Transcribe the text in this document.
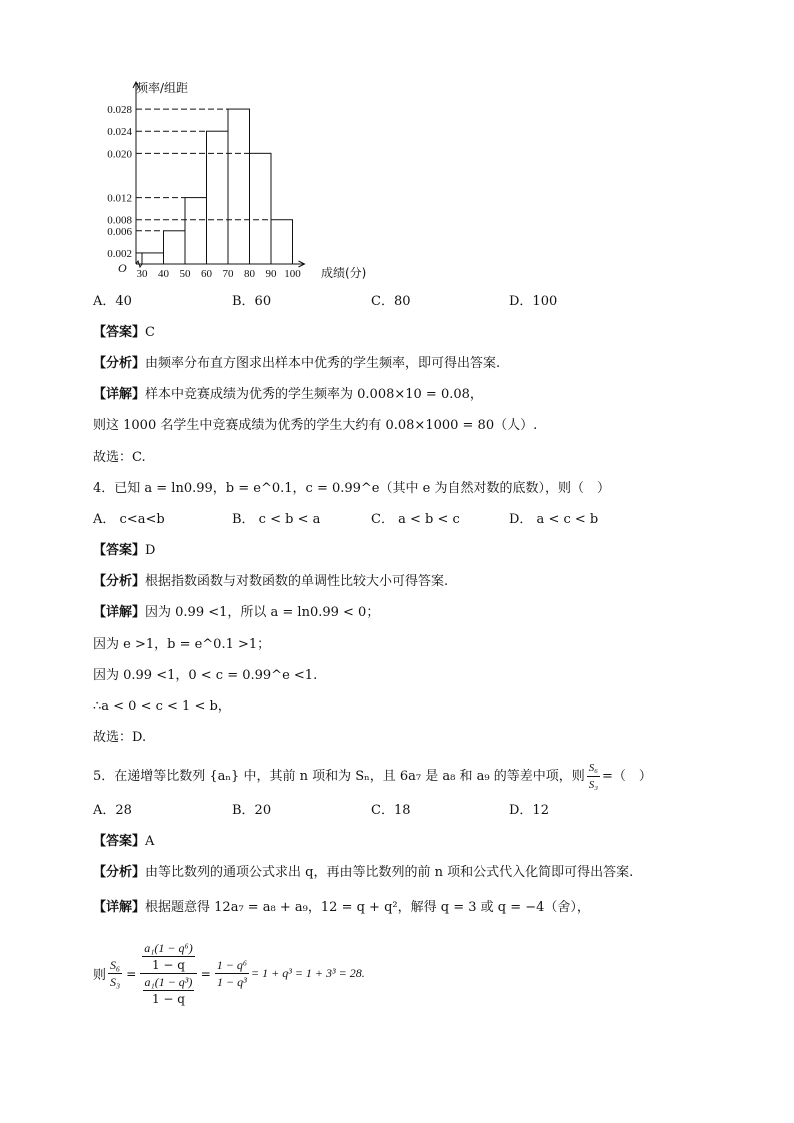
频率/组距
O	成绩(分)
0.002
0.006
0.008
0.012
0.020
0.024
0.028
30 40 50 60 70 80 90 100
A．40	B．60	C．80	D．100
【答案】C
【分析】由频率分布直方图求出样本中优秀的学生频率，即可得出答案.
【详解】样本中竞赛成绩为优秀的学生频率为 0.008×10 = 0.08，
则这 1000 名学生中竞赛成绩为优秀的学生大约有 0.08×1000 = 80（人）.
故选：C.
4．已知 a = ln0.99，b = e^0.1，c = 0.99^e（其中 e 为自然对数的底数），则（　）
A． c<a<b	B． c < b < a	C． a < b < c	D． a < c < b
【答案】D
【分析】根据指数函数与对数函数的单调性比较大小可得答案.
【详解】因为 0.99 <1，所以 a = ln0.99 < 0；
因为 e >1，b = e^0.1 >1；
因为 0.99 <1，0 < c = 0.99^e <1.
∴a < 0 < c < 1 < b，
故选：D.
5．在递增等比数列 {aₙ} 中，其前 n 项和为 Sₙ，且 6a₇ 是 a₈ 和 a₉ 的等差中项，则 $\frac{\text{S₆}}{\text{S₃}}$ =（　）
A．28	B．20	C．18	D．12
【答案】A
【分析】由等比数列的通项公式求出 q，再由等比数列的前 n 项和公式代入化简即可得出答案.
【详解】根据题意得 12a₇ = a₈ + a₉，12 = q + q²，解得 q = 3 或 q = −4（舍），
则 $\frac{\text{S₆}}{\text{S₃}} = a_1(1 - q^6)$
1 − q
a₁(1 − q³)
$1 - q = \frac{\text{1 − q⁶}}{\text{1 − q³}} = 1 + q^3 = 1 + 3^3 = 28$.
